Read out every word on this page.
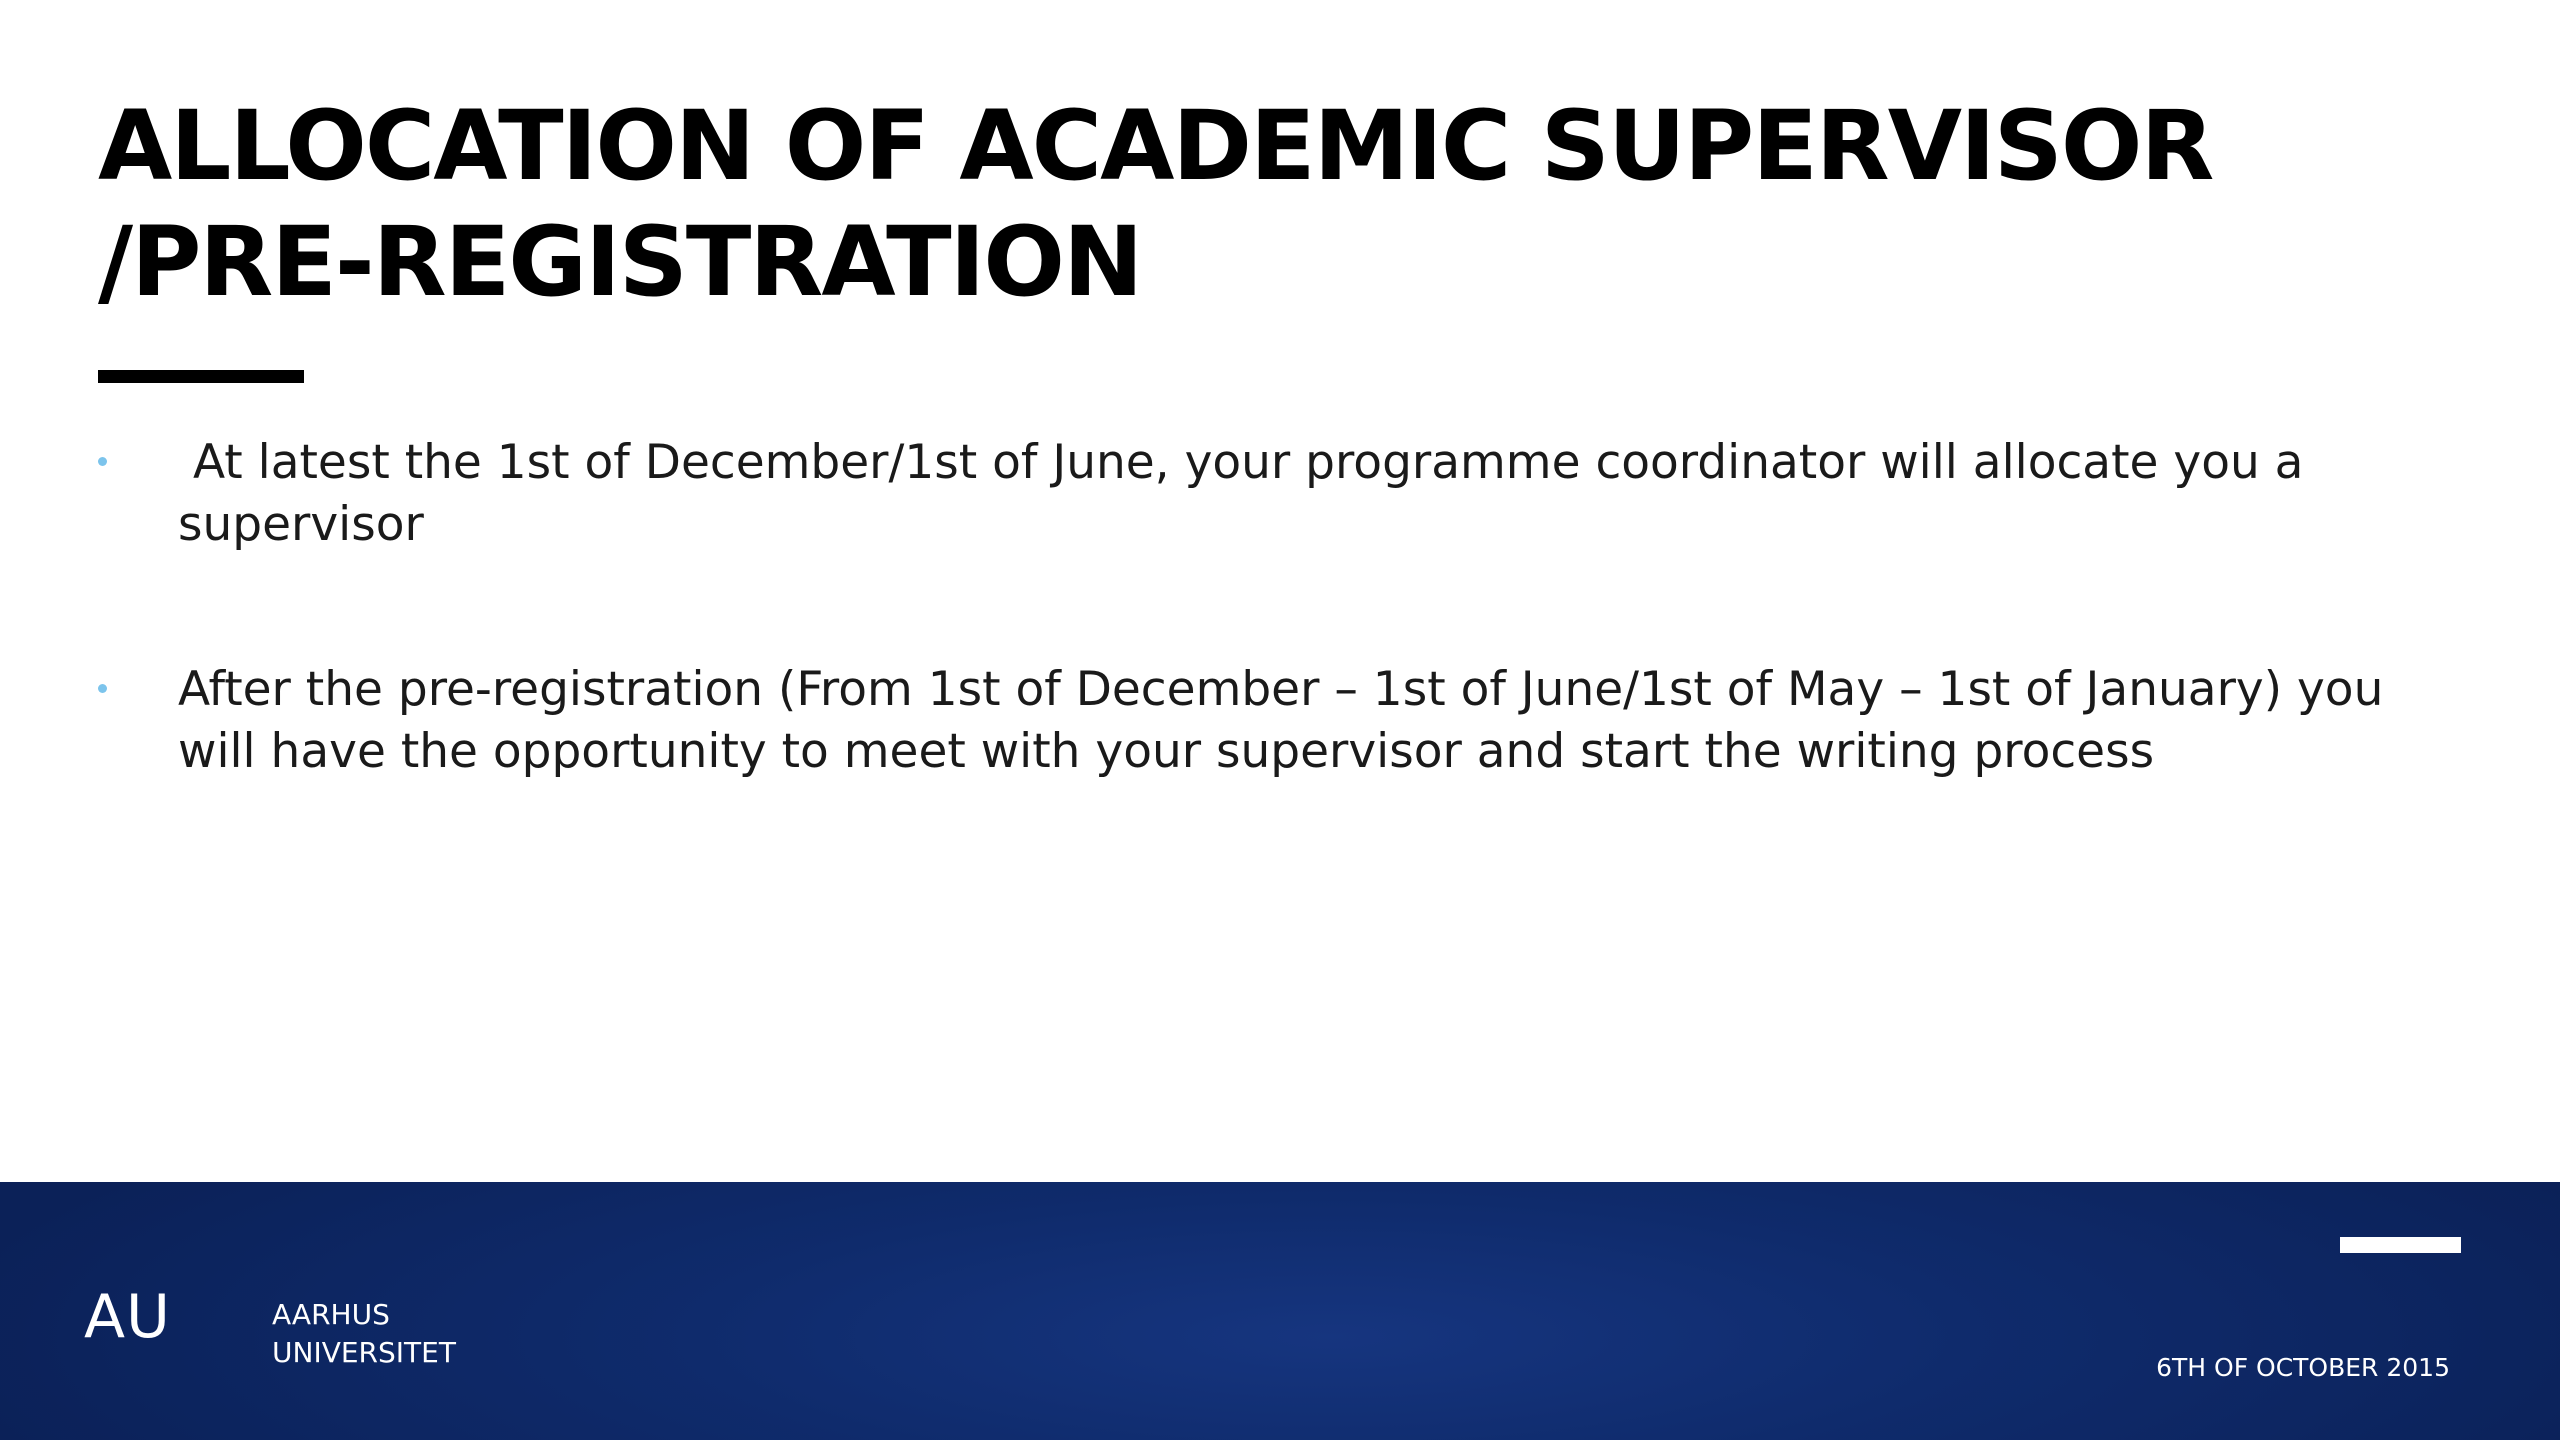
ALLOCATION OF ACADEMIC SUPERVISOR /PRE-REGISTRATION
At latest the 1st of December/1st of June, your programme coordinator will allocate you a supervisor
After the pre-registration (From 1st of December – 1st of June/1st of May – 1st of January) you will have the opportunity to meet with your supervisor and start the writing process
AU	AARHUS
UNIVERSITET	6TH OF OCTOBER 2015
